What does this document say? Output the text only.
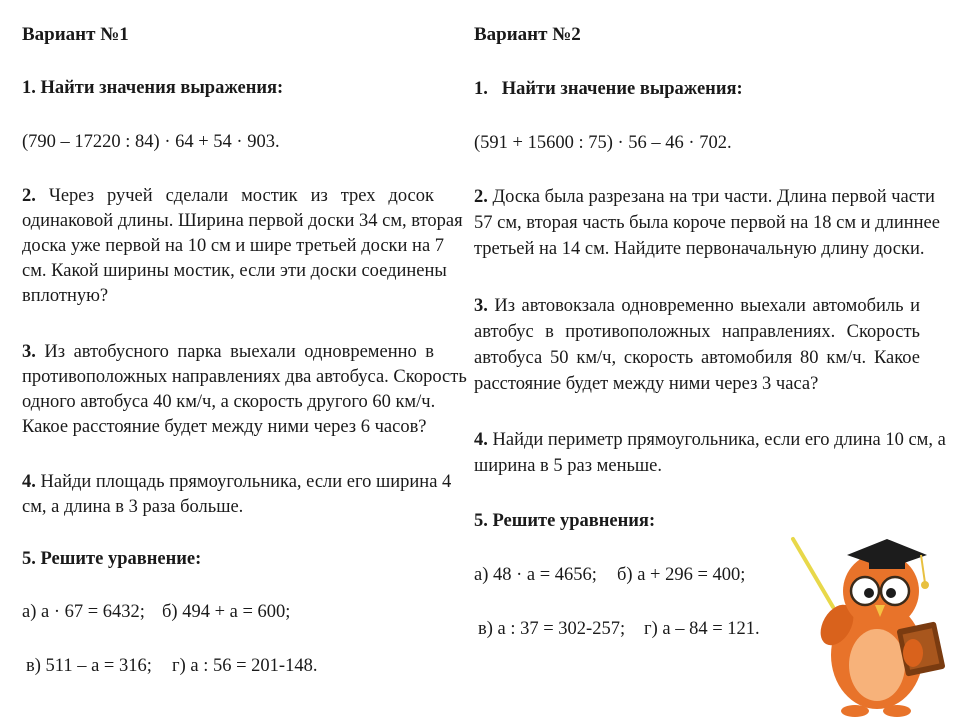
Вариант №1
1. Найти значения выражения:
(790 – 17220 : 84) · 64 + 54 · 903.
2. Через ручей сделали мостик из трех досок
одинаковой длины. Ширина первой доски 34 см, вторая
доска уже первой на 10 см и шире третьей доски на 7
см. Какой ширины мостик, если эти доски соединены
вплотную?
3. Из автобусного парка выехали одновременно в
противоположных направлениях два автобуса. Скорость
одного автобуса 40 км/ч, а скорость другого 60 км/ч.
Какое расстояние будет между ними через 6 часов?
4. Найди площадь прямоугольника, если его ширина 4
см, а длина в 3 раза больше.
5. Решите уравнение:
а) а · 67 = 6432; б) 494 + а = 600;
в) 511 – а = 316; г) а : 56 = 201-148.
Вариант №2
1. Найти значение выражения:
(591 + 15600 : 75) · 56 – 46 · 702.
2. Доска была разрезана на три части. Длина первой части
57 см, вторая часть была короче первой на 18 см и длиннее
третьей на 14 см. Найдите первоначальную длину доски.
3. Из автовокзала одновременно выехали автомобиль и
автобус в противоположных направлениях. Скорость
автобуса 50 км/ч, скорость автомобиля 80 км/ч. Какое
расстояние будет между ними через 3 часа?
4. Найди периметр прямоугольника, если его длина 10 см, а
ширина в 5 раз меньше.
5. Решите уравнения:
а) 48 · а = 4656; б) а + 296 = 400;
в) а : 37 = 302-257; г) а – 84 = 121.
